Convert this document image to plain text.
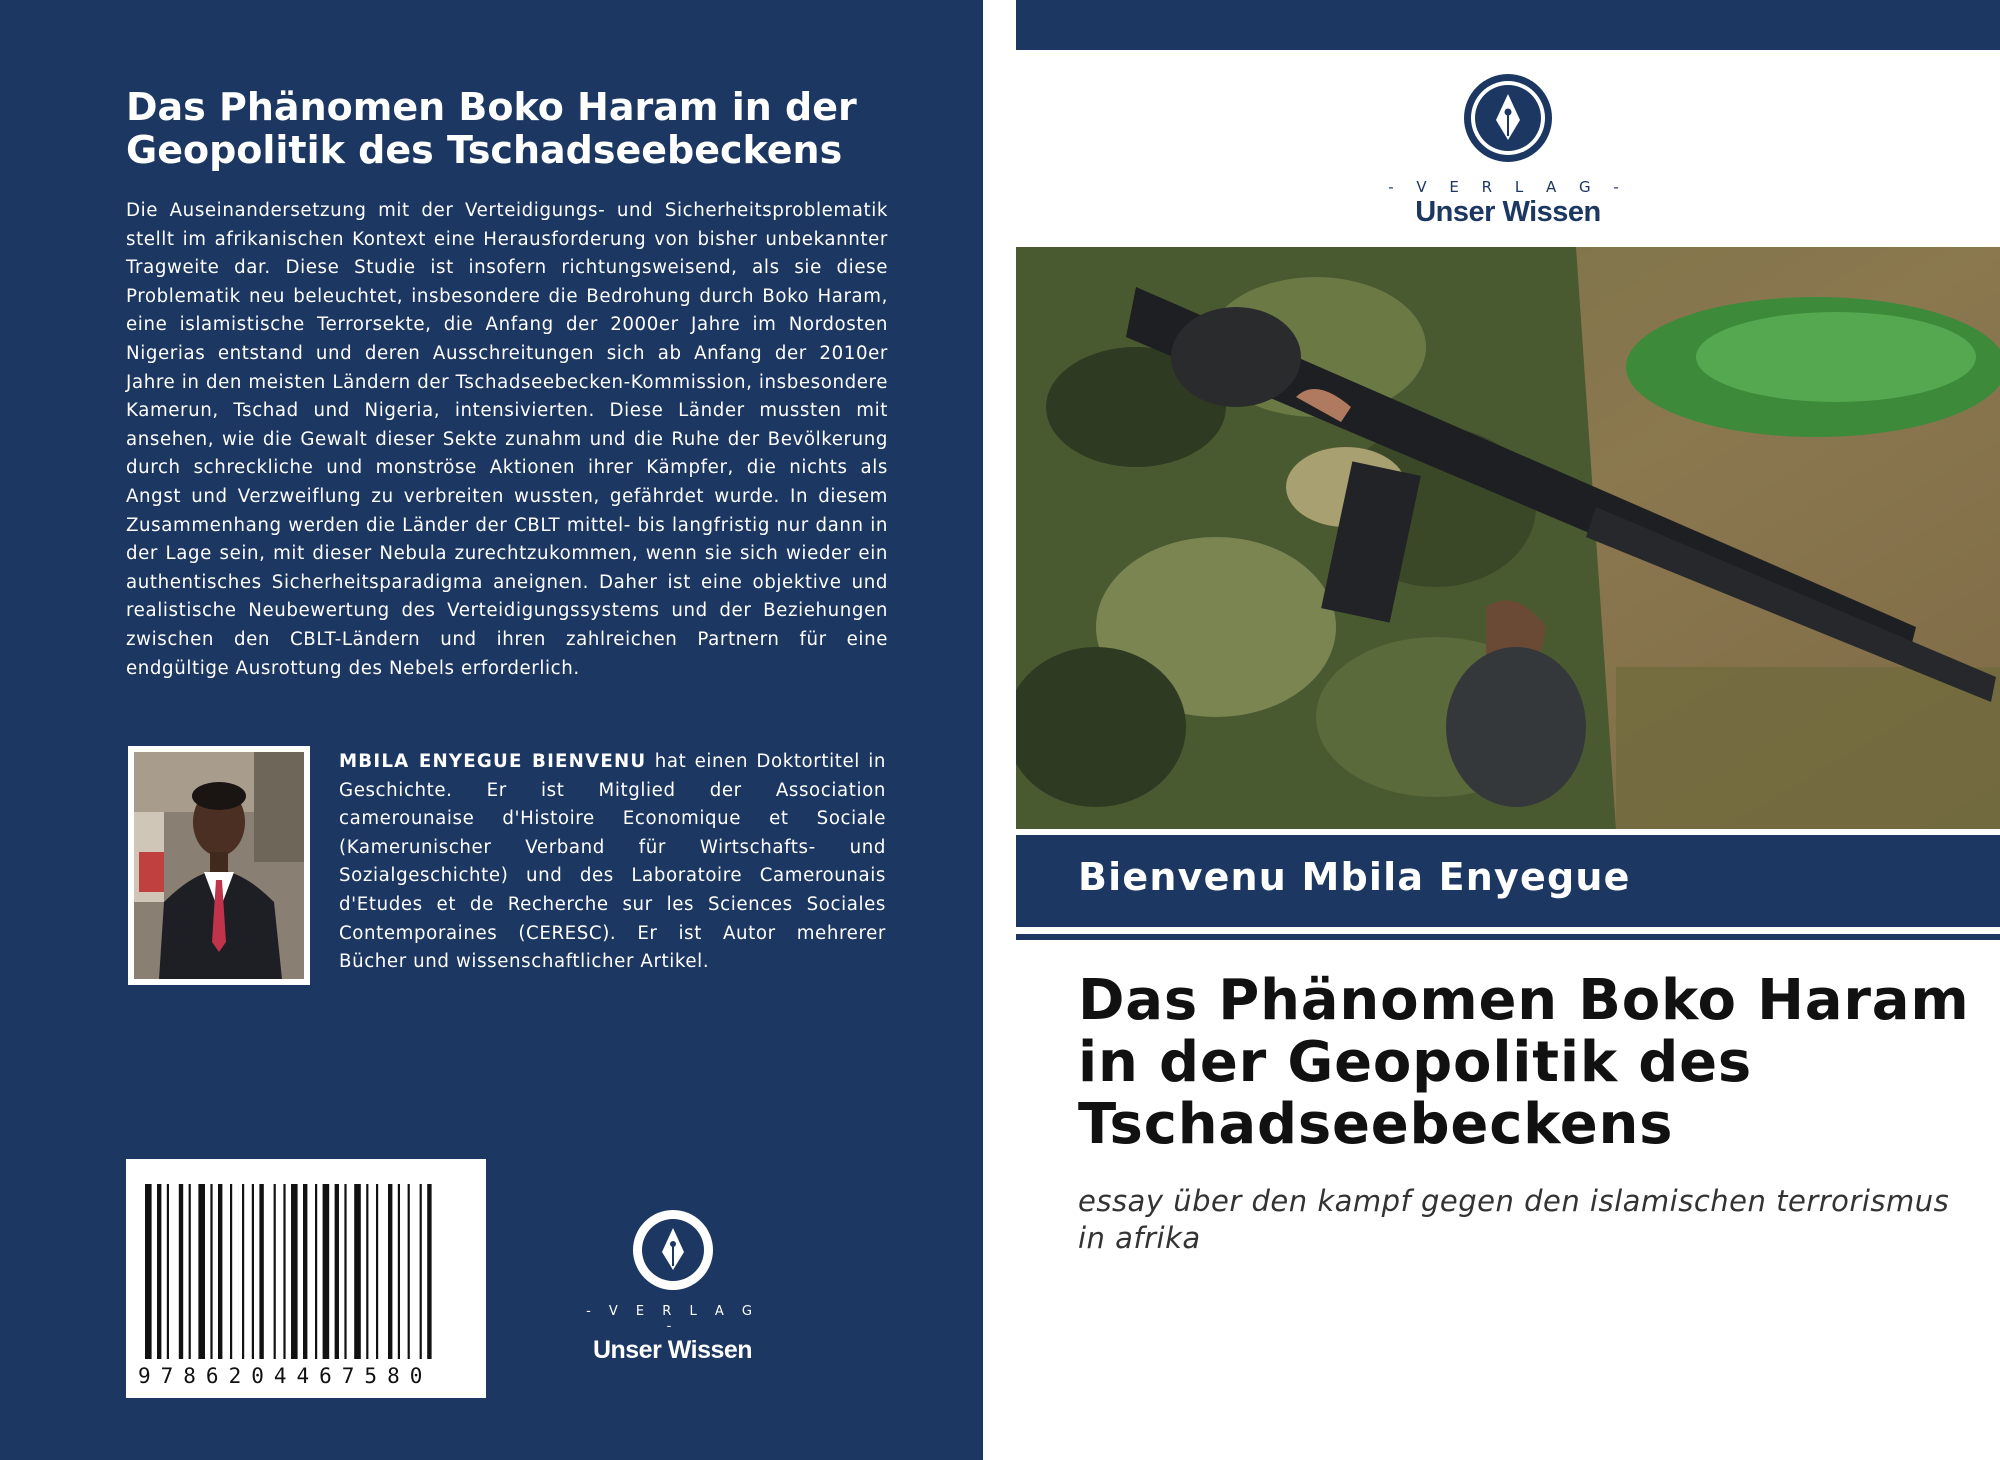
Das Phänomen Boko Haram in der Geopolitik des Tschadseebeckens
Die Auseinandersetzung mit der Verteidigungs- und Sicherheitsproblematik stellt im afrikanischen Kontext eine Herausforderung von bisher unbekannter Tragweite dar. Diese Studie ist insofern richtungsweisend, als sie diese Problematik neu beleuchtet, insbesondere die Bedrohung durch Boko Haram, eine islamistische Terrorsekte, die Anfang der 2000er Jahre im Nordosten Nigerias entstand und deren Ausschreitungen sich ab Anfang der 2010er Jahre in den meisten Ländern der Tschadseebecken-Kommission, insbesondere Kamerun, Tschad und Nigeria, intensivierten. Diese Länder mussten mit ansehen, wie die Gewalt dieser Sekte zunahm und die Ruhe der Bevölkerung durch schreckliche und monströse Aktionen ihrer Kämpfer, die nichts als Angst und Verzweiflung zu verbreiten wussten, gefährdet wurde. In diesem Zusammenhang werden die Länder der CBLT mittel- bis langfristig nur dann in der Lage sein, mit dieser Nebula zurechtzukommen, wenn sie sich wieder ein authentisches Sicherheitsparadigma aneignen. Daher ist eine objektive und realistische Neubewertung des Verteidigungssystems und der Beziehungen zwischen den CBLT-Ländern und ihren zahlreichen Partnern für eine endgültige Ausrottung des Nebels erforderlich.
MBILA ENYEGUE BIENVENU hat einen Doktortitel in Geschichte. Er ist Mitglied der Association camerounaise d'Histoire Economique et Sociale (Kamerunischer Verband für Wirtschafts- und Sozialgeschichte) und des Laboratoire Camerounais d'Etudes et de Recherche sur les Sciences Sociales Contemporaines (CERESC). Er ist Autor mehrerer Bücher und wissenschaftlicher Artikel.
9786204467580
- V E R L A G -
Unser Wissen
- V E R L A G -
Unser Wissen
Bienvenu Mbila Enyegue
Das Phänomen Boko Haram in der Geopolitik des Tschadseebeckens
essay über den kampf gegen den islamischen terrorismus in afrika
